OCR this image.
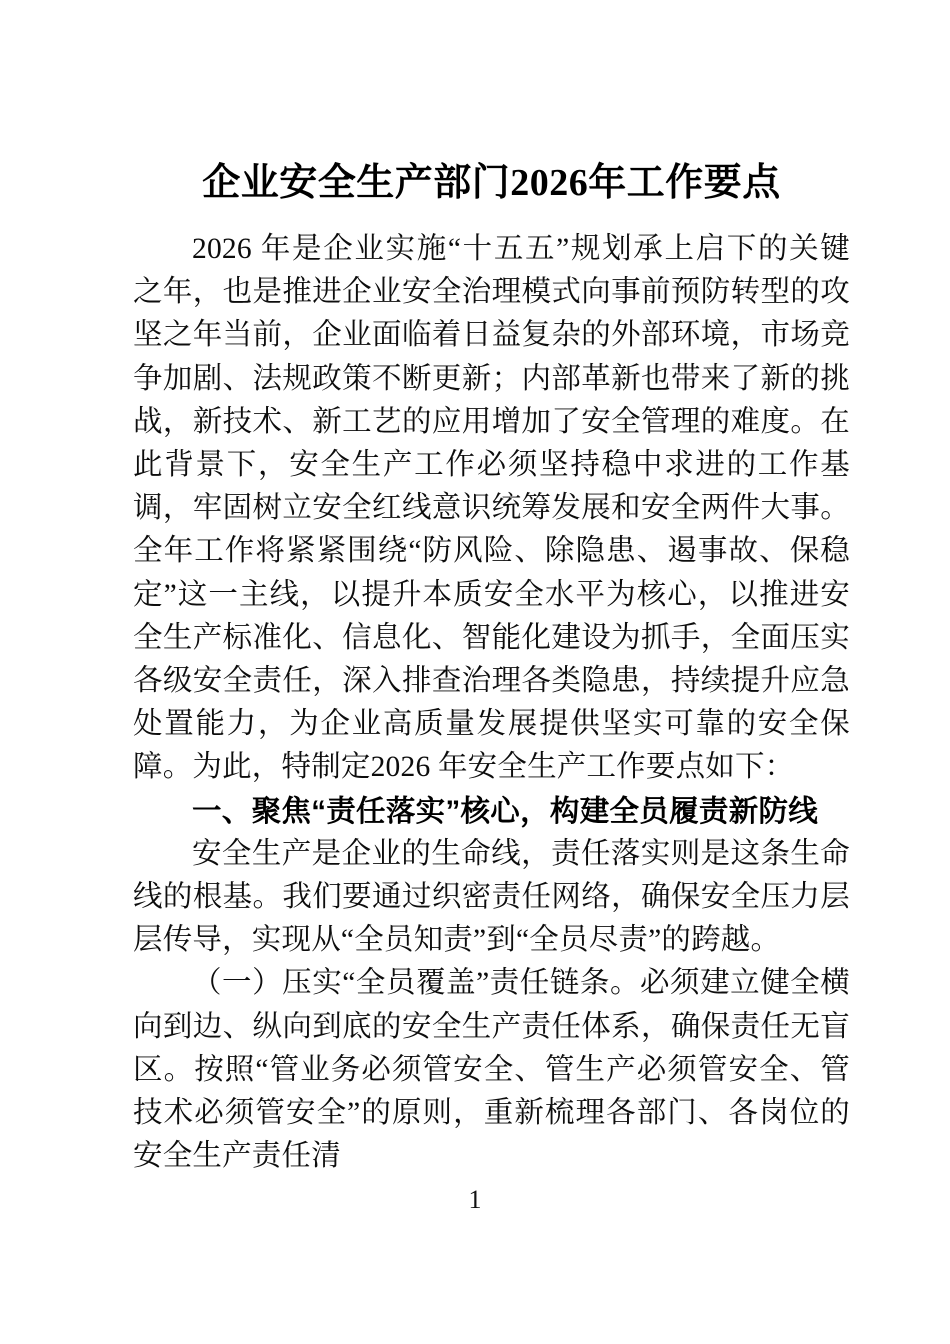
企业安全生产部门2026年工作要点

2026 年是企业实施“十五五”规划承上启下的关键之年，也是推进企业安全治理模式向事前预防转型的攻坚之年当前，企业面临着日益复杂的外部环境，市场竞争加剧、法规政策不断更新；内部革新也带来了新的挑战，新技术、新工艺的应用增加了安全管理的难度。在此背景下，安全生产工作必须坚持稳中求进的工作基调，牢固树立安全红线意识统筹发展和安全两件大事。全年工作将紧紧围绕“防风险、除隐患、遏事故、保稳定”这一主线，以提升本质安全水平为核心，以推进安全生产标准化、信息化、智能化建设为抓手，全面压实各级安全责任，深入排查治理各类隐患，持续提升应急处置能力，为企业高质量发展提供坚实可靠的安全保障。为此，特制定2026 年安全生产工作要点如下：

一、聚焦“责任落实”核心，构建全员履责新防线

安全生产是企业的生命线，责任落实则是这条生命线的根基。我们要通过织密责任网络，确保安全压力层层传导，实现从“全员知责”到“全员尽责”的跨越。

（一）压实“全员覆盖”责任链条。必须建立健全横向到边、纵向到底的安全生产责任体系，确保责任无盲区。按照“管业务必须管安全、管生产必须管安全、管技术必须管安全”的原则，重新梳理各部门、各岗位的安全生产责任清

1
